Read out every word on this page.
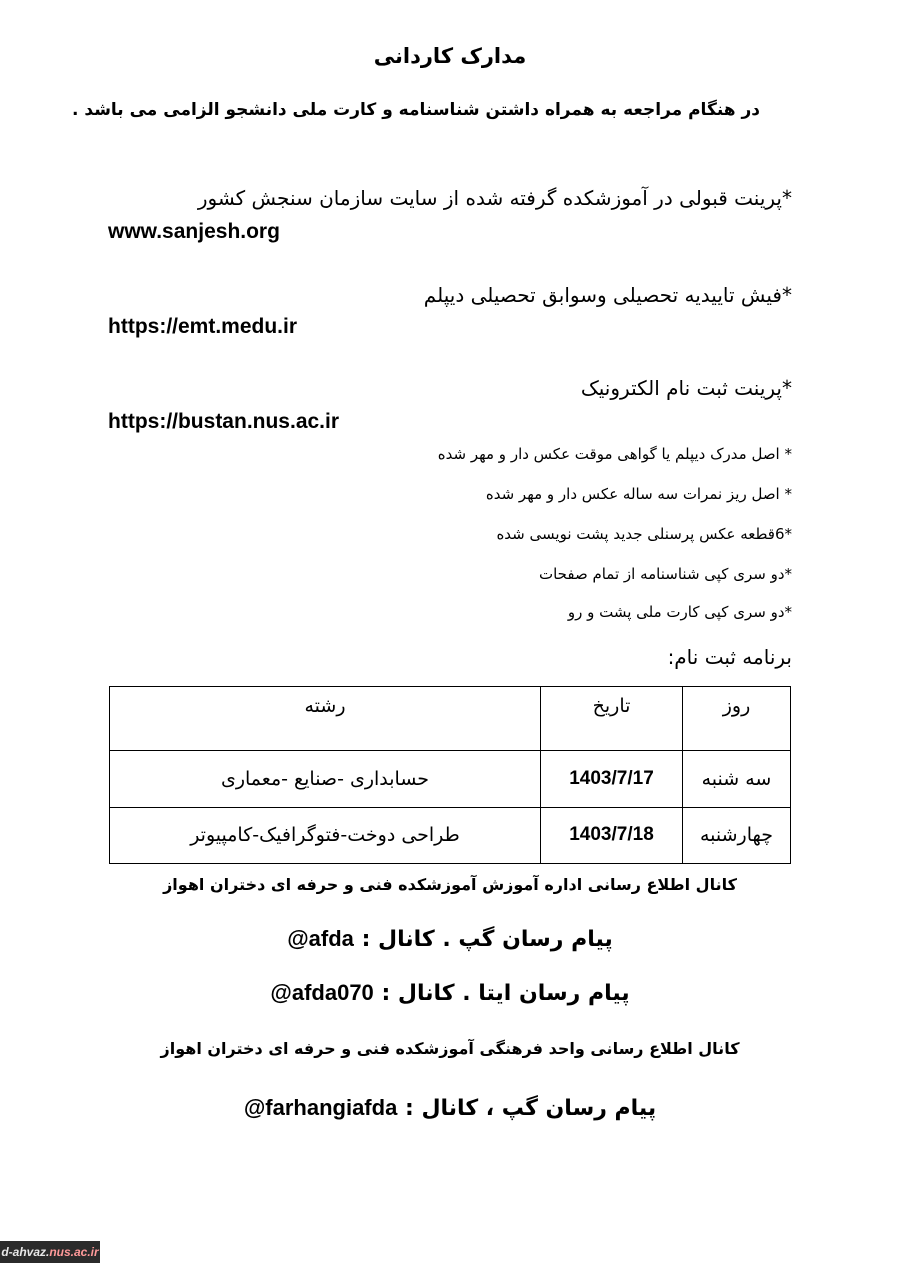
مدارک کاردانی
در هنگام مراجعه به همراه داشتن شناسنامه و کارت ملی دانشجو الزامی می باشد .
*پرینت قبولی در آموزشکده گرفته شده از سایت سازمان سنجش کشور
www.sanjesh.org
*فیش تاییدیه تحصیلی وسوابق تحصیلی دیپلم
https://emt.medu.ir
*پرینت ثبت نام الکترونیک
https://bustan.nus.ac.ir
* اصل مدرک دیپلم یا گواهی موقت عکس دار و مهر شده
* اصل ریز نمرات سه ساله عکس دار و مهر شده
*6قطعه عکس پرسنلی جدید پشت نویسی شده
*دو سری کپی شناسنامه از تمام صفحات
*دو سری کپی کارت ملی پشت و رو
برنامه ثبت نام:
روز	تاریخ	رشته
سه شنبه	1403/7/17	حسابداری -صنایع -معماری
چهارشنبه	1403/7/18	طراحی دوخت-فتوگرافیک-کامپیوتر
کانال اطلاع رسانی اداره آموزش آموزشکده فنی و حرفه ای دختران اهواز
پیام رسان گپ . کانال : @afda
پیام رسان ایتا . کانال : @afda070
کانال اطلاع رسانی واحد فرهنگی آموزشکده فنی و حرفه ای دختران اهواز
پیام رسان گپ ، کانال : @farhangiafda
d-ahvaz. nus.ac.ir
